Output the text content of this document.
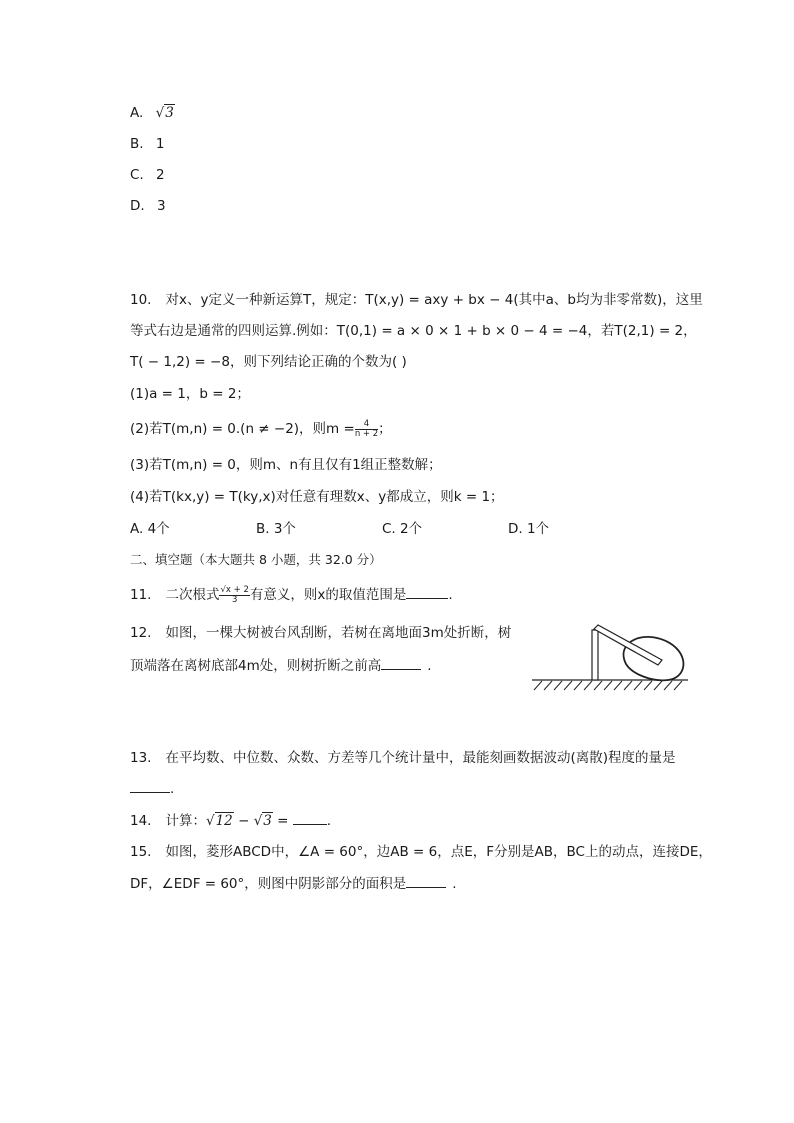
A. √3
B. 1
C. 2
D. 3
10. 对x、y定义一种新运算T，规定：T(x,y) = axy + bx − 4(其中a、b均为非零常数)，这里
等式右边是通常的四则运算.例如：T(0,1) = a × 0 × 1 + b × 0 − 4 = −4，若T(2,1) = 2，
T( − 1,2) = −8，则下列结论正确的个数为( )
(1)a = 1，b = 2；
(2)若T(m,n) = 0.(n ≠ −2)，则$m = \frac{4}{n + 2}$ ；
(3)若T(m,n) = 0，则m、n有且仅有1组正整数解；
(4)若T(kx,y) = T(ky,x)对任意有理数x、y都成立，则k = 1；
A. 4个	B. 3个	C. 2个	D. 1个
二、填空题（本大题共 8 小题，共 32.0 分）
11. 二次根式 $\frac{√x + 2}{3}$ 有意义，则x的取值范围是	.
12. 如图，一棵大树被台风刮断，若树在离地面3m处折断，树
顶端落在离树底部4m处，则树折断之前高	.
13. 在平均数、中位数、众数、方差等几个统计量中，最能刻画数据波动(离散)程度的量是
.
14. 计算：√12 − √3 =	.
15. 如图，菱形ABCD中，∠A = 60°，边AB = 6，点E，F分别是AB，BC上的动点，连接DE，
DF，∠EDF = 60°，则图中阴影部分的面积是	.
